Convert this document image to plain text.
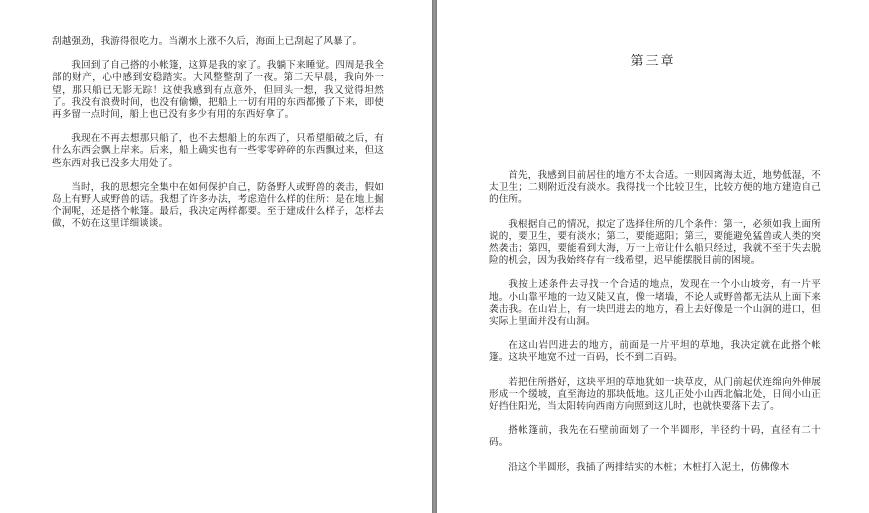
刮越强劲，我游得很吃力。当潮水上涨不久后，海面上已刮起了风暴了。

我回到了自己搭的小帐篷，这算是我的家了。我躺下来睡觉。四周是我全部的财产，心中感到安稳踏实。大风整整刮了一夜。第二天早晨，我向外一望，那只船已无影无踪！这使我感到有点意外，但回头一想，我又觉得坦然了。我没有浪费时间，也没有偷懒，把船上一切有用的东西都搬了下来，即使再多留一点时间，船上也已没有多少有用的东西好拿了。

我现在不再去想那只船了，也不去想船上的东西了，只希望船破之后，有什么东西会飘上岸来。后来，船上确实也有一些零零碎碎的东西飘过来，但这些东西对我已没多大用处了。

当时，我的思想完全集中在如何保护自己，防备野人或野兽的袭击，假如岛上有野人或野兽的话。我想了许多办法，考虑造什么样的住所：是在地上掘个洞呢，还是搭个帐篷。最后，我决定两样都要。至于建成什么样子，怎样去做，不妨在这里详细谈谈。

第三章

首先，我感到目前居住的地方不太合适。一则因离海太近，地势低湿，不太卫生；二则附近没有淡水。我得找一个比较卫生，比较方便的地方建造自己的住所。

我根据自己的情况，拟定了选择住所的几个条件：第一，必须如我上面所说的，要卫生，要有淡水；第二，要能遮阳；第三，要能避免猛兽或人类的突然袭击；第四，要能看到大海，万一上帝让什么船只经过，我就不至于失去脱险的机会，因为我始终存有一线希望，迟早能摆脱目前的困境。

我按上述条件去寻找一个合适的地点，发现在一个小山坡旁，有一片平地。小山靠平地的一边又陡又直，像一堵墙，不论人或野兽都无法从上面下来袭击我。在山岩上，有一块凹进去的地方，看上去好像是一个山洞的进口，但实际上里面并没有山洞。

在这山岩凹进去的地方，前面是一片平坦的草地，我决定就在此搭个帐篷。这块平地宽不过一百码，长不到二百码。

若把住所搭好，这块平坦的草地犹如一块草皮，从门前起伏连绵向外伸展形成一个缓坡，直至海边的那块低地。这儿正处小山西北偏北处，日间小山正好挡住阳光，当太阳转向西南方向照到这儿时，也就快要落下去了。

搭帐篷前，我先在石壁前面划了一个半圆形，半径约十码，直径有二十码。

沿这个半圆形，我插了两排结实的木桩；木桩打入泥土，仿佛像木
